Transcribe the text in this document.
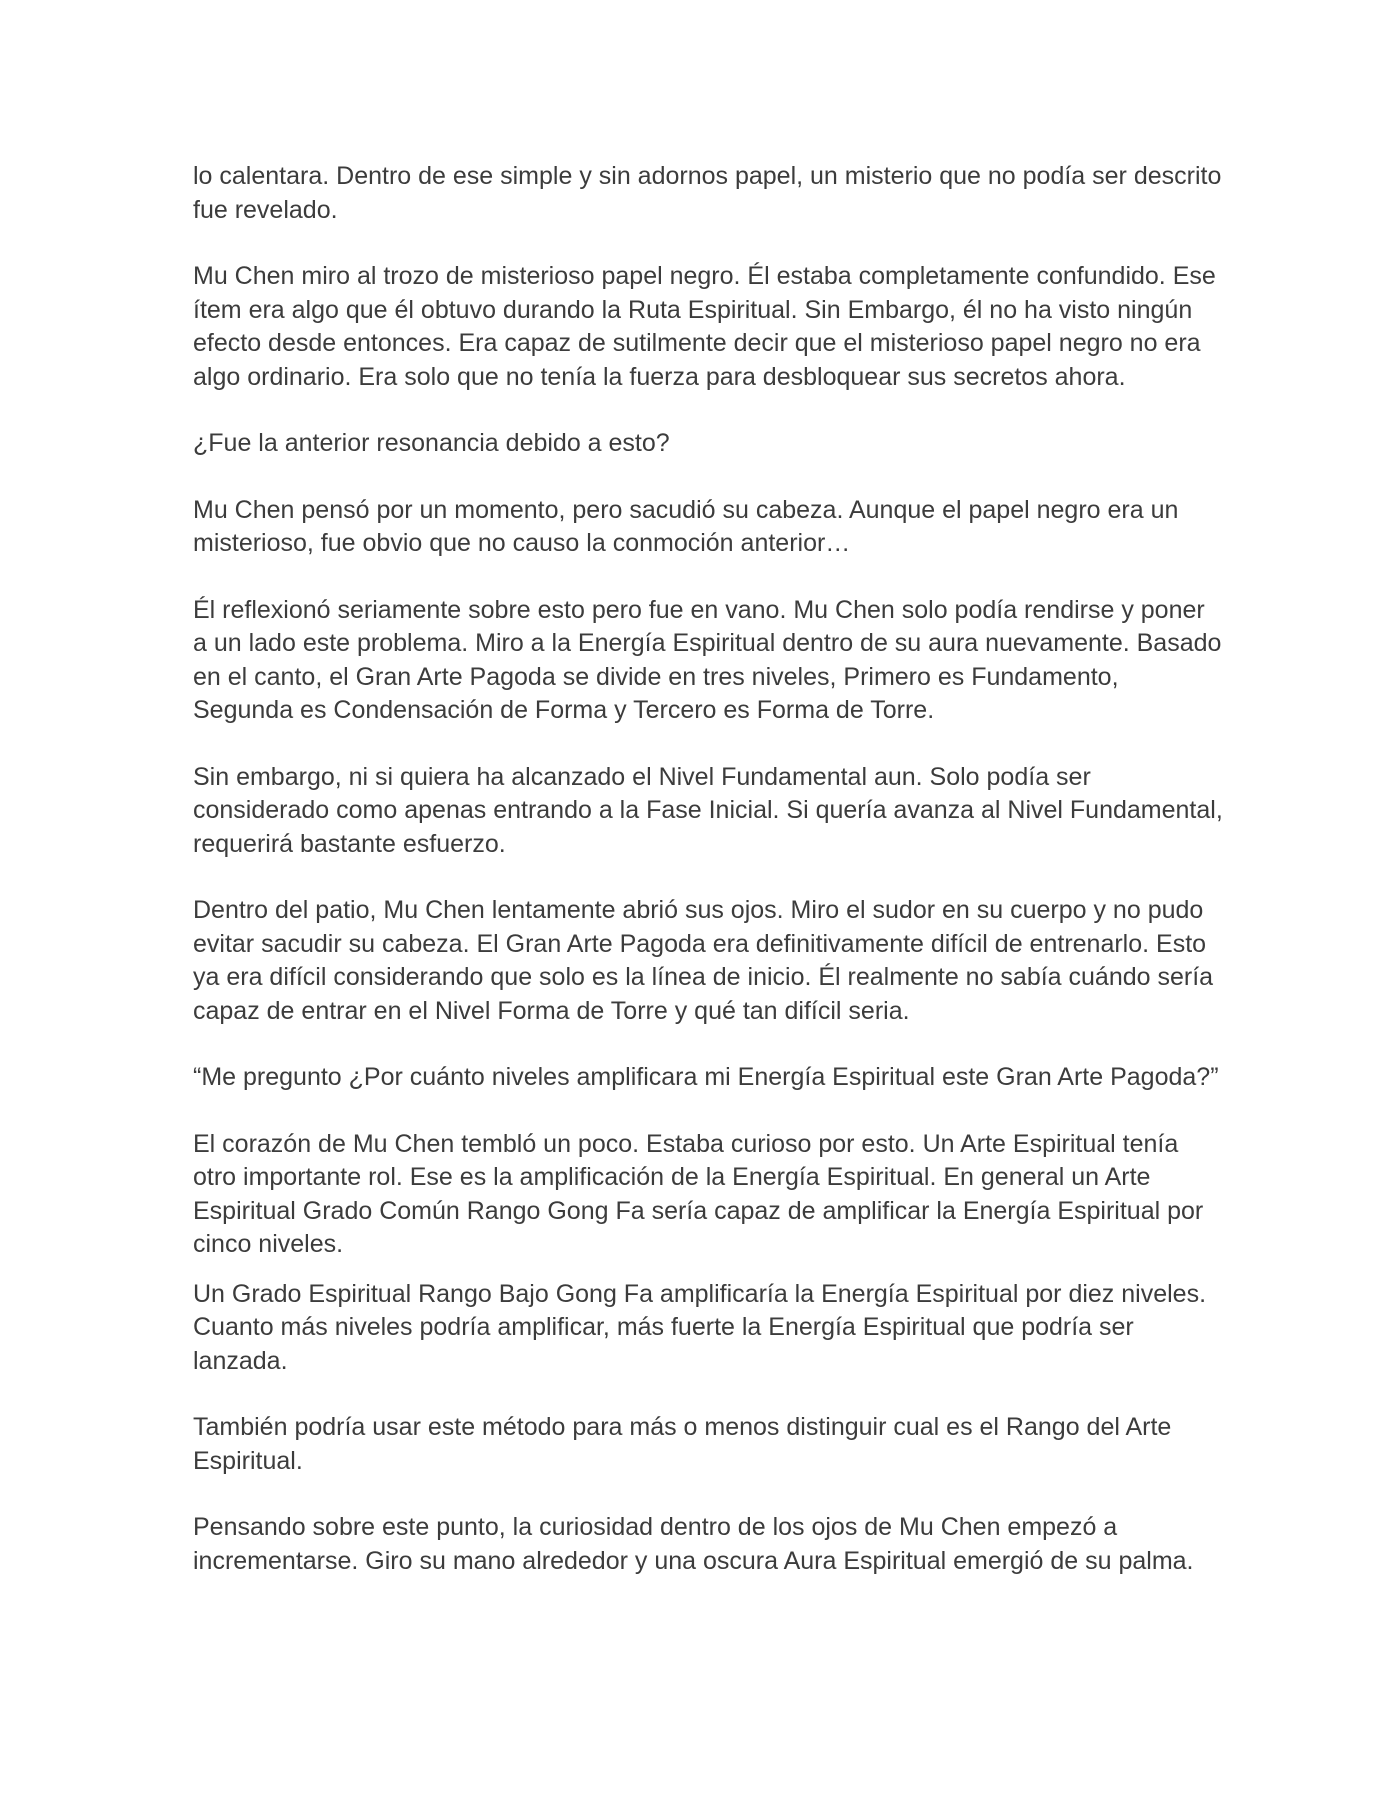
lo calentara. Dentro de ese simple y sin adornos papel, un misterio que no podía ser descrito fue revelado.

Mu Chen miro al trozo de misterioso papel negro. Él estaba completamente confundido. Ese ítem era algo que él obtuvo durando la Ruta Espiritual. Sin Embargo, él no ha visto ningún efecto desde entonces. Era capaz de sutilmente decir que el misterioso papel negro no era algo ordinario. Era solo que no tenía la fuerza para desbloquear sus secretos ahora.

¿Fue la anterior resonancia debido a esto?

Mu Chen pensó por un momento, pero sacudió su cabeza. Aunque el papel negro era un misterioso, fue obvio que no causo la conmoción anterior…

Él reflexionó seriamente sobre esto pero fue en vano. Mu Chen solo podía rendirse y poner a un lado este problema. Miro a la Energía Espiritual dentro de su aura nuevamente. Basado en el canto, el Gran Arte Pagoda se divide en tres niveles, Primero es Fundamento, Segunda es Condensación de Forma y Tercero es Forma de Torre.

Sin embargo, ni si quiera ha alcanzado el Nivel Fundamental aun. Solo podía ser considerado como apenas entrando a la Fase Inicial. Si quería avanza al Nivel Fundamental, requerirá bastante esfuerzo.

Dentro del patio, Mu Chen lentamente abrió sus ojos. Miro el sudor en su cuerpo y no pudo evitar sacudir su cabeza. El Gran Arte Pagoda era definitivamente difícil de entrenarlo. Esto ya era difícil considerando que solo es la línea de inicio. Él realmente no sabía cuándo sería capaz de entrar en el Nivel Forma de Torre y qué tan difícil seria.

“Me pregunto ¿Por cuánto niveles amplificara mi Energía Espiritual este Gran Arte Pagoda?”

El corazón de Mu Chen tembló un poco. Estaba curioso por esto. Un Arte Espiritual tenía otro importante rol. Ese es la amplificación de la Energía Espiritual. En general un Arte Espiritual Grado Común Rango Gong Fa sería capaz de amplificar la Energía Espiritual por cinco niveles.

Un Grado Espiritual Rango Bajo Gong Fa amplificaría la Energía Espiritual por diez niveles. Cuanto más niveles podría amplificar, más fuerte la Energía Espiritual que podría ser lanzada.

También podría usar este método para más o menos distinguir cual es el Rango del Arte Espiritual.

Pensando sobre este punto, la curiosidad dentro de los ojos de Mu Chen empezó a incrementarse. Giro su mano alrededor y una oscura Aura Espiritual emergió de su palma.
